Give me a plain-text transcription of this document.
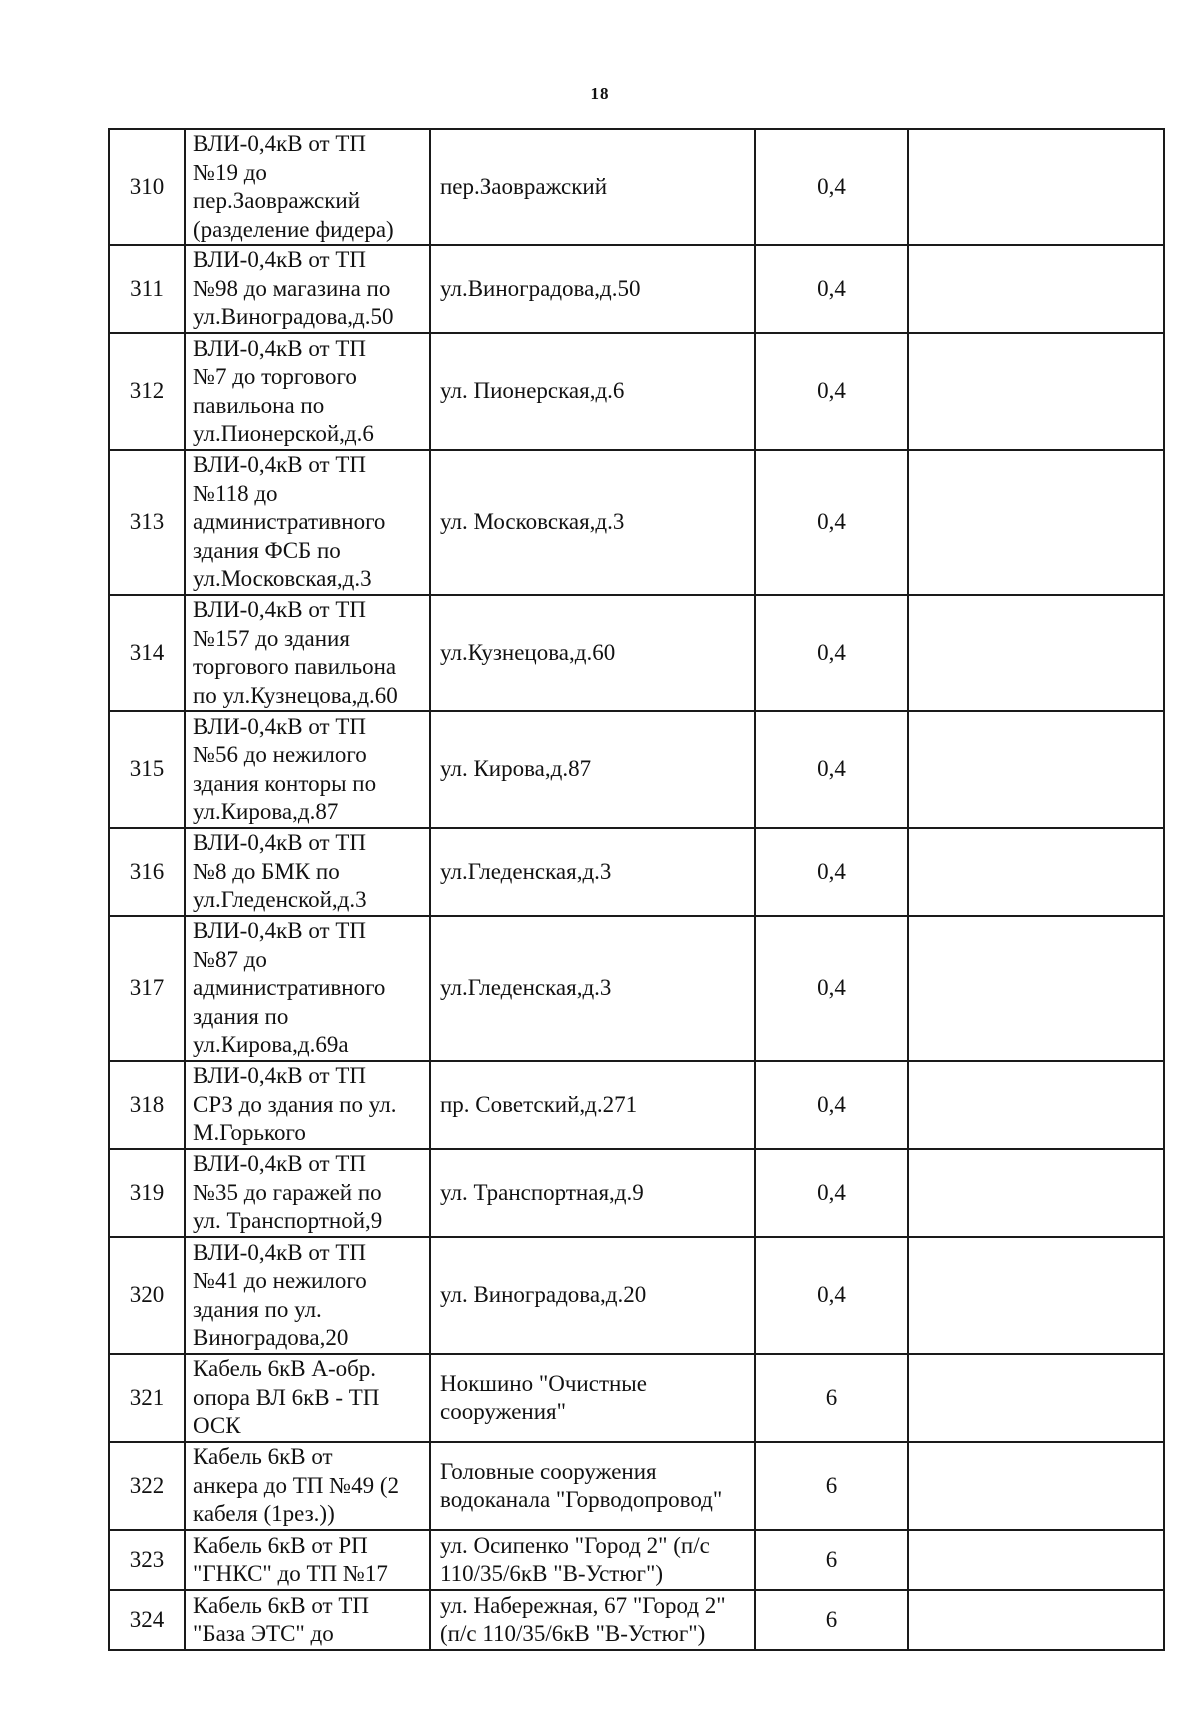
18
310	ВЛИ-0,4кВ от ТП
№19 до
пер.Заовражский
(разделение фидера)	пер.Заовражский	0,4	
311	ВЛИ-0,4кВ от ТП
№98 до магазина по
ул.Виноградова,д.50	ул.Виноградова,д.50	0,4	
312	ВЛИ-0,4кВ от ТП
№7 до торгового
павильона по
ул.Пионерской,д.6	ул. Пионерская,д.6	0,4	
313	ВЛИ-0,4кВ от ТП
№118 до
административного
здания ФСБ по
ул.Московская,д.3	ул. Московская,д.3	0,4	
314	ВЛИ-0,4кВ от ТП
№157 до здания
торгового павильона
по ул.Кузнецова,д.60	ул.Кузнецова,д.60	0,4	
315	ВЛИ-0,4кВ от ТП
№56 до нежилого
здания конторы по
ул.Кирова,д.87	ул. Кирова,д.87	0,4	
316	ВЛИ-0,4кВ от ТП
№8 до БМК по
ул.Гледенской,д.3	ул.Гледенская,д.3	0,4	
317	ВЛИ-0,4кВ от ТП
№87 до
административного
здания по
ул.Кирова,д.69а	ул.Гледенская,д.3	0,4	
318	ВЛИ-0,4кВ от ТП
СРЗ до здания по ул.
М.Горького	пр. Советский,д.271	0,4	
319	ВЛИ-0,4кВ от ТП
№35 до гаражей по
ул. Транспортной,9	ул. Транспортная,д.9	0,4	
320	ВЛИ-0,4кВ от ТП
№41 до нежилого
здания по ул.
Виноградова,20	ул. Виноградова,д.20	0,4	
321	Кабель 6кВ А-обр.
опора ВЛ 6кВ - ТП
ОСК	Нокшино "Очистные
сооружения"	6	
322	Кабель 6кВ от
анкера до ТП №49 (2
кабеля (1рез.))	Головные сооружения
водоканала "Горводопровод"	6	
323	Кабель 6кВ от РП
"ГНКС" до ТП №17	ул. Осипенко "Город 2" (п/с
110/35/6кВ "В-Устюг")	6	
324	Кабель 6кВ от ТП
"База ЭТС" до	ул. Набережная, 67 "Город 2"
(п/с 110/35/6кВ "В-Устюг")	6	
